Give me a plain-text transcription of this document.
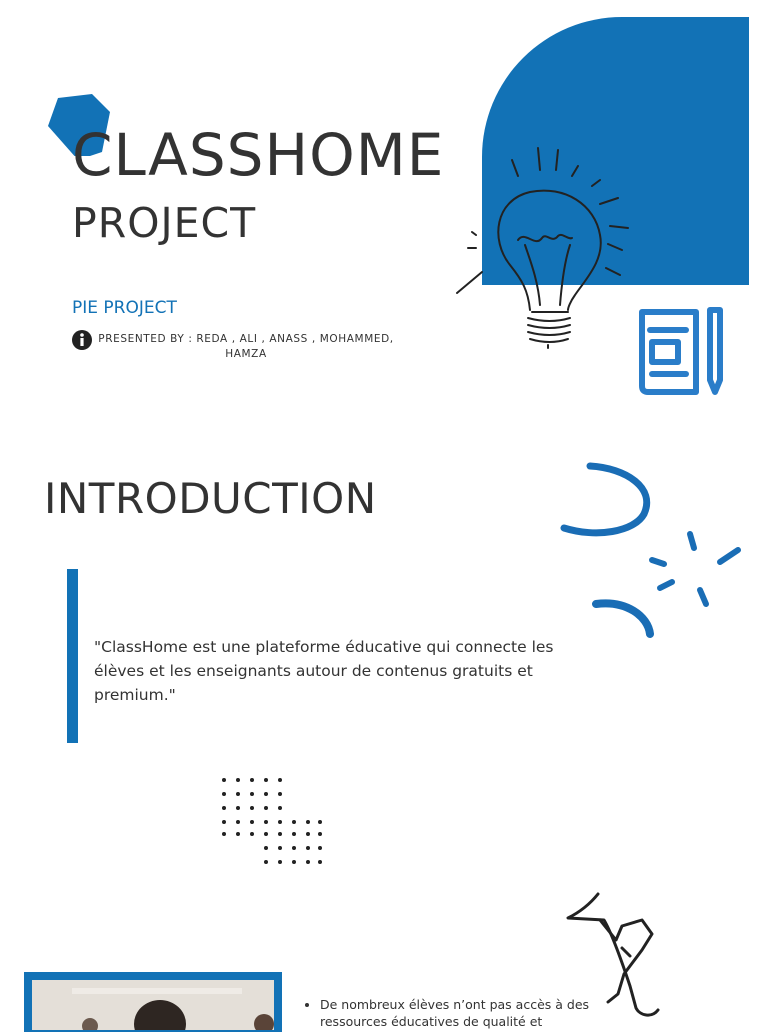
CLASSHOME
PROJECT
PIE PROJECT
PRESENTED BY : REDA , ALI , ANASS , MOHAMMED, HAMZA
INTRODUCTION
"ClassHome est une plateforme éducative qui connecte les élèves et les enseignants autour de contenus gratuits et premium."
• De nombreux élèves n’ont pas accès à des ressources éducatives de qualité et
